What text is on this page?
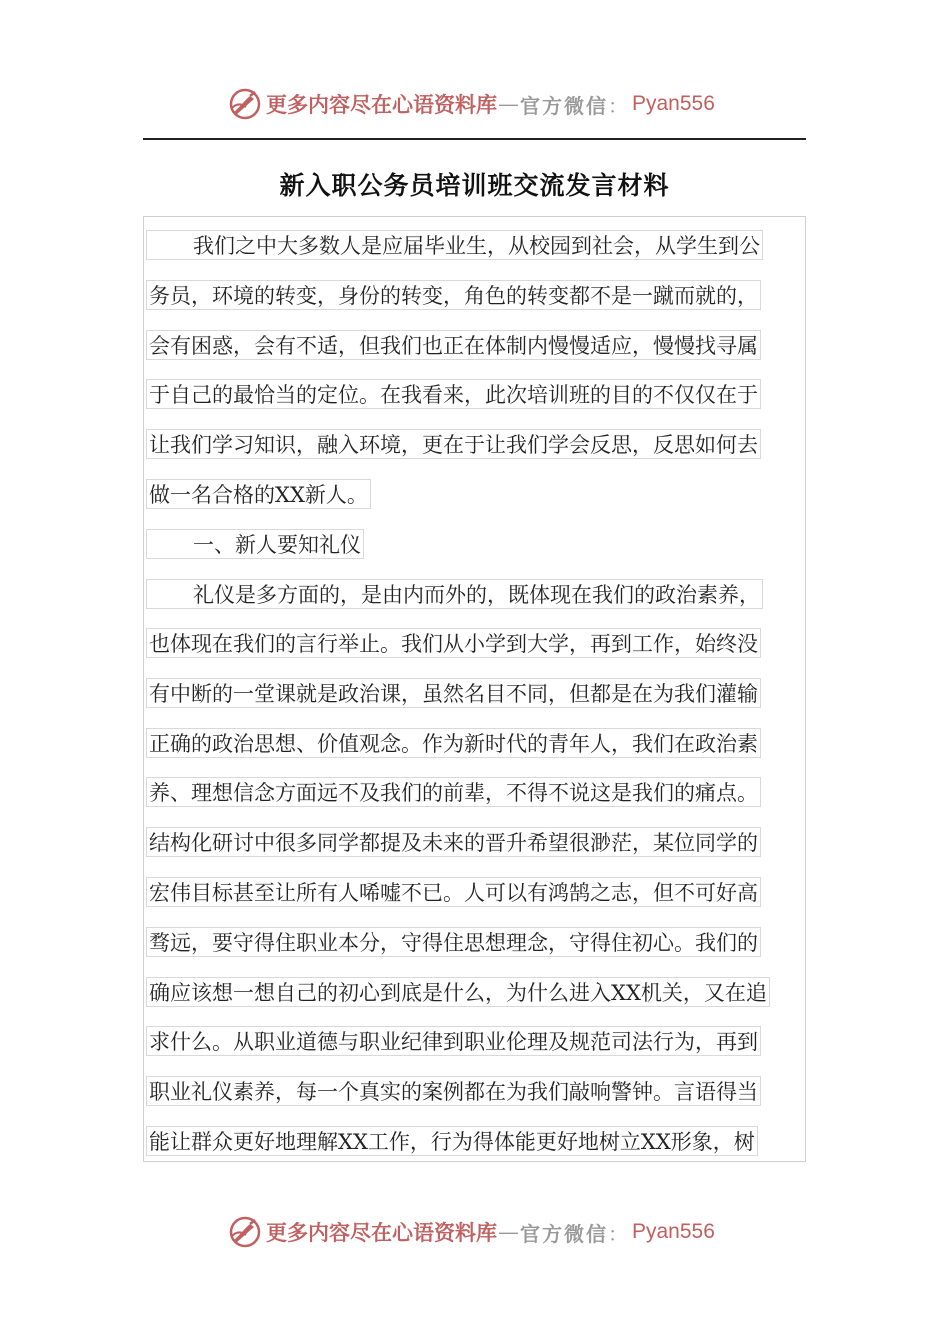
更多内容尽在心语资料库 — 官方微信 ： Pyan556
新入职公务员培训班交流发言材料
我们之中大多数人是应届毕业生，从校园到社会，从学生到公
务员，环境的转变，身份的转变，角色的转变都不是一蹴而就的，
会有困惑，会有不适，但我们也正在体制内慢慢适应，慢慢找寻属
于自己的最恰当的定位。在我看来，此次培训班的目的不仅仅在于
让我们学习知识，融入环境，更在于让我们学会反思，反思如何去
做一名合格的XX新人。
一、新人要知礼仪
礼仪是多方面的，是由内而外的，既体现在我们的政治素养，
也体现在我们的言行举止。我们从小学到大学，再到工作，始终没
有中断的一堂课就是政治课，虽然名目不同，但都是在为我们灌输
正确的政治思想、价值观念。作为新时代的青年人，我们在政治素
养、理想信念方面远不及我们的前辈，不得不说这是我们的痛点。
结构化研讨中很多同学都提及未来的晋升希望很渺茫，某位同学的
宏伟目标甚至让所有人唏嘘不已。人可以有鸿鹄之志，但不可好高
骛远，要守得住职业本分，守得住思想理念，守得住初心。我们的
确应该想一想自己的初心到底是什么，为什么进入XX机关，又在追
求什么。从职业道德与职业纪律到职业伦理及规范司法行为，再到
职业礼仪素养，每一个真实的案例都在为我们敲响警钟。言语得当
能让群众更好地理解XX工作，行为得体能更好地树立XX形象，树
更多内容尽在心语资料库 — 官方微信 ： Pyan556
